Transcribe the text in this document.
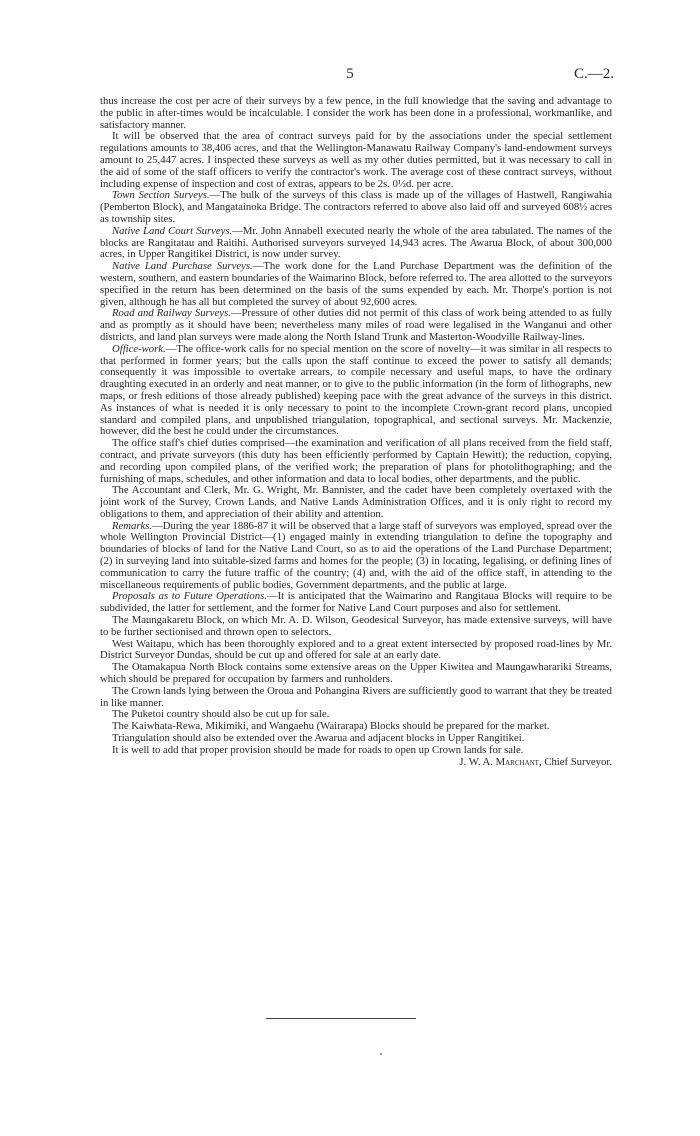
5	C.—2.

thus increase the cost per acre of their surveys by a few pence, in the full knowledge that the saving and advantage to the public in after-times would be incalculable. I consider the work has been done in a professional, workmanlike, and satisfactory manner.

It will be observed that the area of contract surveys paid for by the associations under the special settlement regulations amounts to 38,406 acres, and that the Wellington-Manawatu Railway Company's land-endowment surveys amount to 25,447 acres. I inspected these surveys as well as my other duties permitted, but it was necessary to call in the aid of some of the staff officers to verify the contractor's work. The average cost of these contract surveys, without including expense of inspection and cost of extras, appears to be 2s. 0½d. per acre.

Town Section Surveys.—The bulk of the surveys of this class is made up of the villages of Hastwell, Rangiwahia (Pemberton Block), and Mangatainoka Bridge. The contractors referred to above also laid off and surveyed 608½ acres as township sites.

Native Land Court Surveys.—Mr. John Annabell executed nearly the whole of the area tabulated. The names of the blocks are Rangitatau and Raitihi. Authorised surveyors surveyed 14,943 acres. The Awarua Block, of about 300,000 acres, in Upper Rangitikei District, is now under survey.

Native Land Purchase Surveys.—The work done for the Land Purchase Department was the definition of the western, southern, and eastern boundaries of the Waimarino Block, before referred to. The area allotted to the surveyors specified in the return has been determined on the basis of the sums expended by each. Mr. Thorpe's portion is not given, although he has all but completed the survey of about 92,600 acres.

Road and Railway Surveys.—Pressure of other duties did not permit of this class of work being attended to as fully and as promptly as it should have been; nevertheless many miles of road were legalised in the Wanganui and other districts, and land plan surveys were made along the North Island Trunk and Masterton-Woodville Railway-lines.

Office-work.—The office-work calls for no special mention on the score of novelty—it was similar in all respects to that performed in former years; but the calls upon the staff continue to exceed the power to satisfy all demands; consequently it was impossible to overtake arrears, to compile necessary and useful maps, to have the ordinary draughting executed in an orderly and neat manner, or to give to the public information (in the form of lithographs, new maps, or fresh editions of those already published) keeping pace with the great advance of the surveys in this district. As instances of what is needed it is only necessary to point to the incomplete Crown-grant record plans, uncopied standard and compiled plans, and unpublished triangulation, topographical, and sectional surveys. Mr. Mackenzie, however, did the best he could under the circumstances.

The office staff's chief duties comprised—the examination and verification of all plans received from the field staff, contract, and private surveyors (this duty has been efficiently performed by Captain Hewitt); the reduction, copying, and recording upon compiled plans, of the verified work; the preparation of plans for photolithographing; and the furnishing of maps, schedules, and other information and data to local bodies, other departments, and the public.

The Accountant and Clerk, Mr. G. Wright, Mr. Bannister, and the cadet have been completely overtaxed with the joint work of the Survey, Crown Lands, and Native Lands Administration Offices, and it is only right to record my obligations to them, and appreciation of their ability and attention.

Remarks.—During the year 1886-87 it will be observed that a large staff of surveyors was employed, spread over the whole Wellington Provincial District—(1) engaged mainly in extending triangulation to define the topography and boundaries of blocks of land for the Native Land Court, so as to aid the operations of the Land Purchase Department; (2) in surveying land into suitable-sized farms and homes for the people; (3) in locating, legalising, or defining lines of communication to carry the future traffic of the country; (4) and, with the aid of the office staff, in attending to the miscellaneous requirements of public bodies, Government departments, and the public at large.

Proposals as to Future Operations.—It is anticipated that the Waimarino and Rangitaua Blocks will require to be subdivided, the latter for settlement, and the former for Native Land Court purposes and also for settlement.

The Maungakaretu Block, on which Mr. A. D. Wilson, Geodesical Surveyor, has made extensive surveys, will have to be further sectionised and thrown open to selectors.

West Waitapu, which has been thoroughly explored and to a great extent intersected by proposed road-lines by Mr. District Surveyor Dundas, should be cut up and offered for sale at an early date.

The Otamakapua North Block contains some extensive areas on the Upper Kiwitea and Maungawharariki Streams, which should be prepared for occupation by farmers and runholders.

The Crown lands lying between the Oroua and Pohangina Rivers are sufficiently good to warrant that they be treated in like manner.

The Puketoi country should also be cut up for sale.

The Kaiwhata-Rewa, Mikimiki, and Wangaehu (Wairarapa) Blocks should be prepared for the market.

Triangulation should also be extended over the Awarua and adjacent blocks in Upper Rangitikei.

It is well to add that proper provision should be made for roads to open up Crown lands for sale.
J. W. A. Marchant, Chief Surveyor.
